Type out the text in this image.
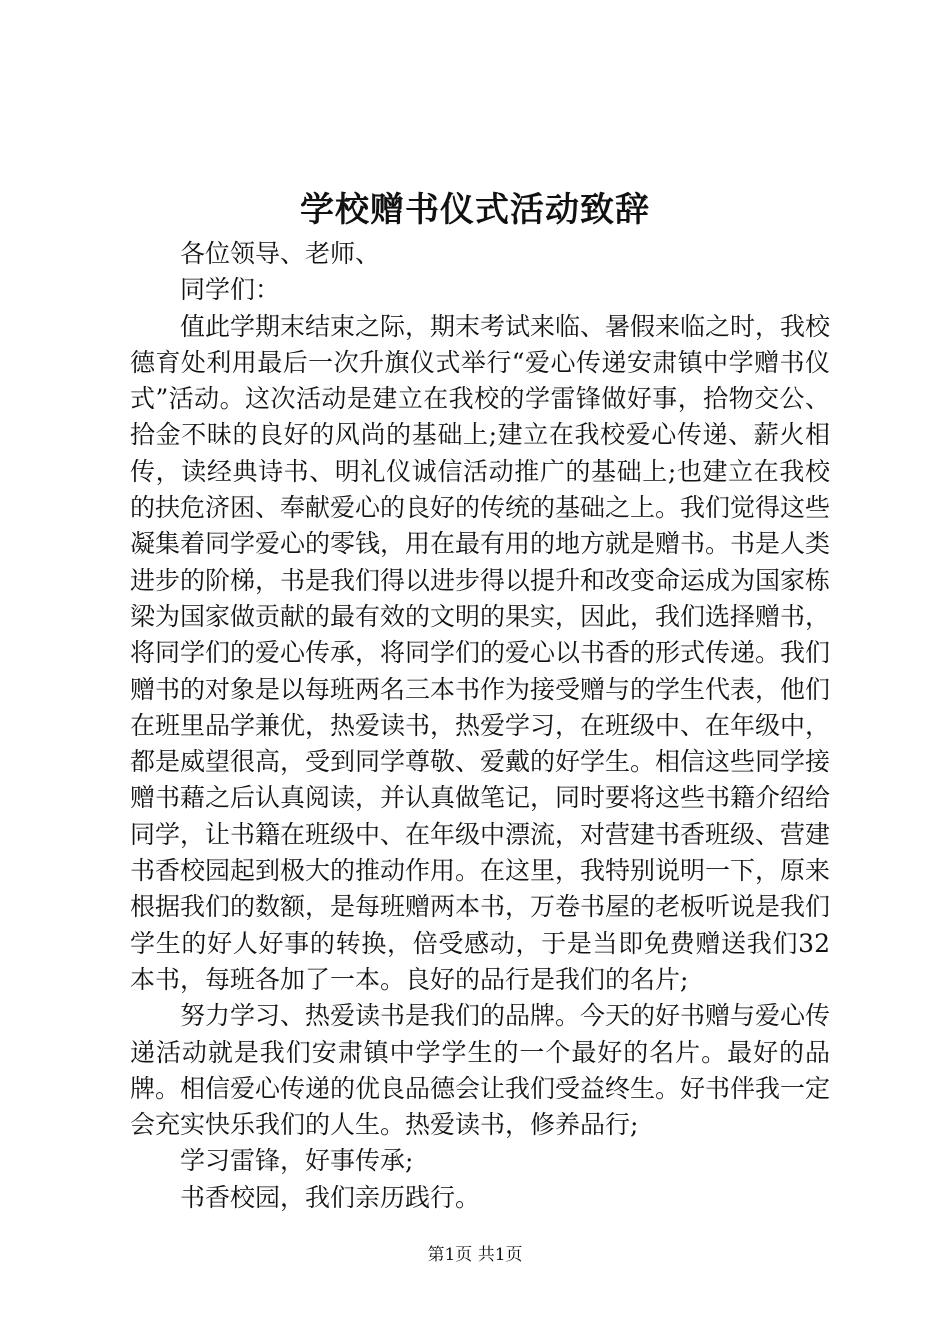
学校赠书仪式活动致辞

各位领导、老师、

同学们：

值此学期末结束之际，期末考试来临、暑假来临之时，我校德育处利用最后一次升旗仪式举行“爱心传递安肃镇中学赠书仪式”活动。这次活动是建立在我校的学雷锋做好事，拾物交公、拾金不昧的良好的风尚的基础上;建立在我校爱心传递、薪火相传，读经典诗书、明礼仪诚信活动推广的基础上;也建立在我校的扶危济困、奉献爱心的良好的传统的基础之上。我们觉得这些凝集着同学爱心的零钱，用在最有用的地方就是赠书。书是人类进步的阶梯，书是我们得以进步得以提升和改变命运成为国家栋梁为国家做贡献的最有效的文明的果实，因此，我们选择赠书，将同学们的爱心传承，将同学们的爱心以书香的形式传递。我们赠书的对象是以每班两名三本书作为接受赠与的学生代表，他们在班里品学兼优，热爱读书，热爱学习，在班级中、在年级中，都是威望很高，受到同学尊敬、爱戴的好学生。相信这些同学接赠书藉之后认真阅读，并认真做笔记，同时要将这些书籍介绍给同学，让书籍在班级中、在年级中漂流，对营建书香班级、营建书香校园起到极大的推动作用。在这里，我特别说明一下，原来根据我们的数额，是每班赠两本书，万卷书屋的老板听说是我们学生的好人好事的转换，倍受感动，于是当即免费赠送我们32本书，每班各加了一本。良好的品行是我们的名片;

努力学习、热爱读书是我们的品牌。今天的好书赠与爱心传递活动就是我们安肃镇中学学生的一个最好的名片。最好的品牌。相信爱心传递的优良品德会让我们受益终生。好书伴我一定会充实快乐我们的人生。热爱读书，修养品行;

学习雷锋，好事传承;

书香校园，我们亲历践行。

第1页 共1页
